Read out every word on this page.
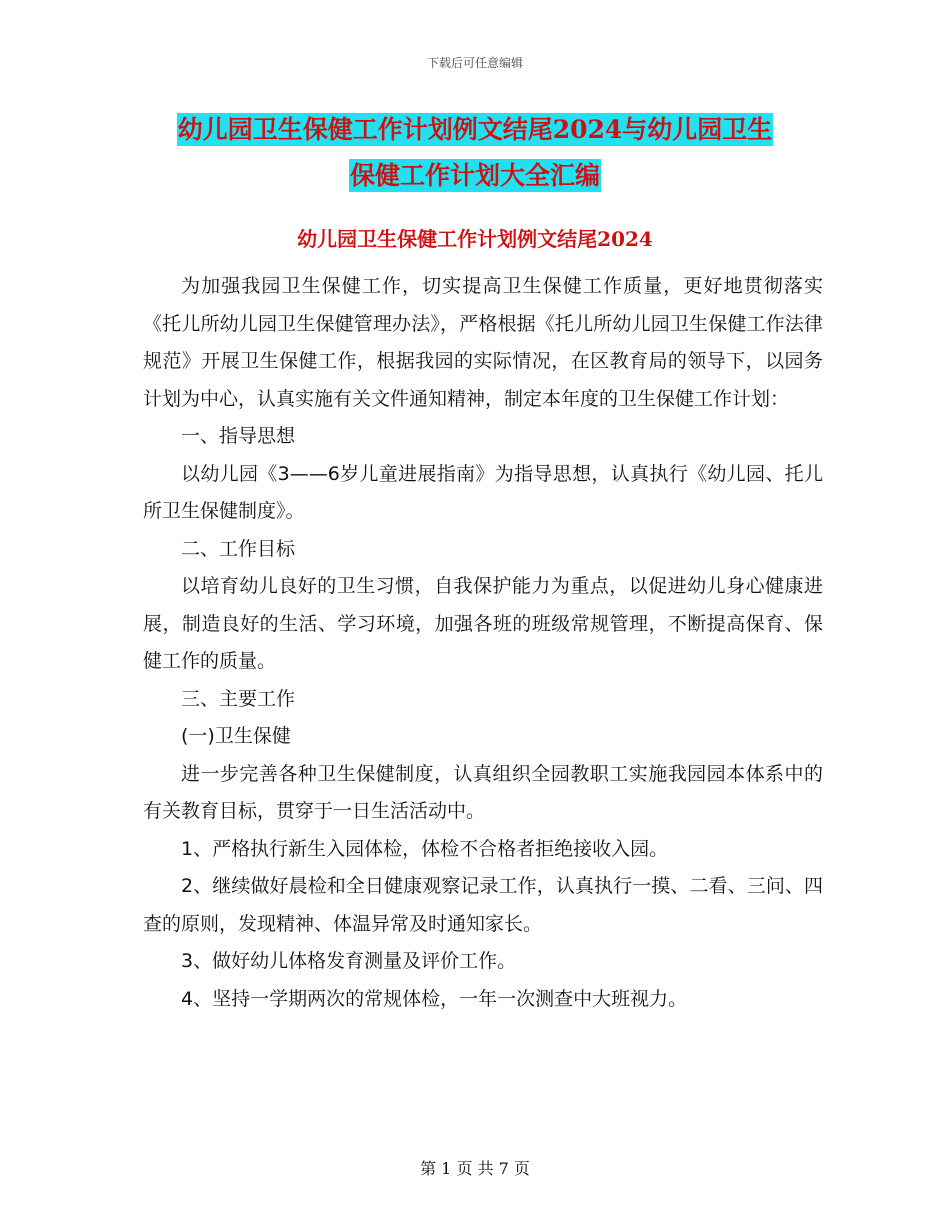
下载后可任意编辑
幼儿园卫生保健工作计划例文结尾2024与幼儿园卫生
保健工作计划大全汇编
幼儿园卫生保健工作计划例文结尾2024

为加强我园卫生保健工作，切实提高卫生保健工作质量，更好地贯彻落实《托儿所幼儿园卫生保健管理办法》，严格根据《托儿所幼儿园卫生保健工作法律规范》开展卫生保健工作，根据我园的实际情况，在区教育局的领导下，以园务计划为中心，认真实施有关文件通知精神，制定本年度的卫生保健工作计划：

一、指导思想

以幼儿园《3——6岁儿童进展指南》为指导思想，认真执行《幼儿园、托儿所卫生保健制度》。

二、工作目标

以培育幼儿良好的卫生习惯，自我保护能力为重点，以促进幼儿身心健康进展，制造良好的生活、学习环境，加强各班的班级常规管理，不断提高保育、保健工作的质量。

三、主要工作

(一)卫生保健

进一步完善各种卫生保健制度，认真组织全园教职工实施我园园本体系中的有关教育目标，贯穿于一日生活活动中。

1、严格执行新生入园体检，体检不合格者拒绝接收入园。

2、继续做好晨检和全日健康观察记录工作，认真执行一摸、二看、三问、四查的原则，发现精神、体温异常及时通知家长。

3、做好幼儿体格发育测量及评价工作。

4、坚持一学期两次的常规体检，一年一次测查中大班视力。

第 1 页 共 7 页
